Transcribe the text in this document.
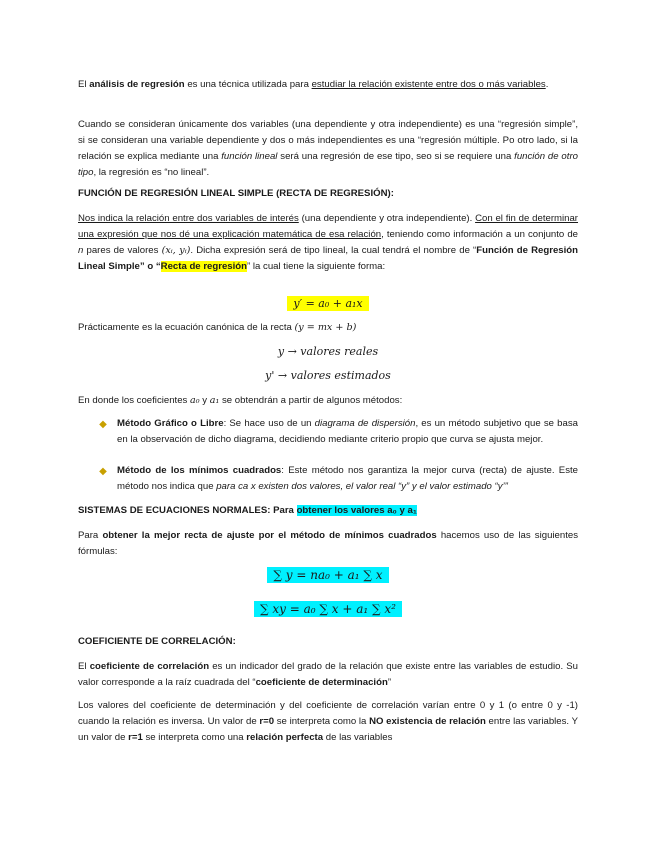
El análisis de regresión es una técnica utilizada para estudiar la relación existente entre dos o más variables.

Cuando se consideran únicamente dos variables (una dependiente y otra independiente) es una “regresión simple”, si se consideran una variable dependiente y dos o más independientes es una “regresión múltiple. Po otro lado, si la relación se explica mediante una función lineal será una regresión de ese tipo, seo si se requiere una función de otro tipo, la regresión es “no lineal”.

FUNCIÓN DE REGRESIÓN LINEAL SIMPLE (RECTA DE REGRESIÓN):

Nos indica la relación entre dos variables de interés (una dependiente y otra independiente). Con el fin de determinar una expresión que nos dé una explicación matemática de esa relación, teniendo como información a un conjunto de n pares de valores (xᵢ, yᵢ). Dicha expresión será de tipo lineal, la cual tendrá el nombre de “Función de Regresión Lineal Simple” o “Recta de regresión” la cual tiene la siguiente forma:

y′ = a₀ + a₁x

Prácticamente es la ecuación canónica de la recta (y = mx + b)

y → valores reales
y' → valores estimados

En donde los coeficientes a₀ y a₁ se obtendrán a partir de algunos métodos:

◆	Método Gráfico o Libre: Se hace uso de un diagrama de dispersión, es un método subjetivo que se basa en la observación de dicho diagrama, decidiendo mediante criterio propio que curva se ajusta mejor.

◆	Método de los mínimos cuadrados: Este método nos garantiza la mejor curva (recta) de ajuste. Este método nos indica que para ca x existen dos valores, el valor real “y” y el valor estimado “y’”

SISTEMAS DE ECUACIONES NORMALES: Para obtener los valores a₀ y a₁

Para obtener la mejor recta de ajuste por el método de mínimos cuadrados hacemos uso de las siguientes fórmulas:

∑ y = na₀ + a₁ ∑ x
∑ xy = a₀ ∑ x + a₁ ∑ x²

COEFICIENTE DE CORRELACIÓN:

El coeficiente de correlación es un indicador del grado de la relación que existe entre las variables de estudio. Su valor corresponde a la raíz cuadrada del “coeficiente de determinación”

Los valores del coeficiente de determinación y del coeficiente de correlación varían entre 0 y 1 (o entre 0 y -1) cuando la relación es inversa. Un valor de r=0 se interpreta como la NO existencia de relación entre las variables. Y un valor de r=1 se interpreta como una relación perfecta de las variables
